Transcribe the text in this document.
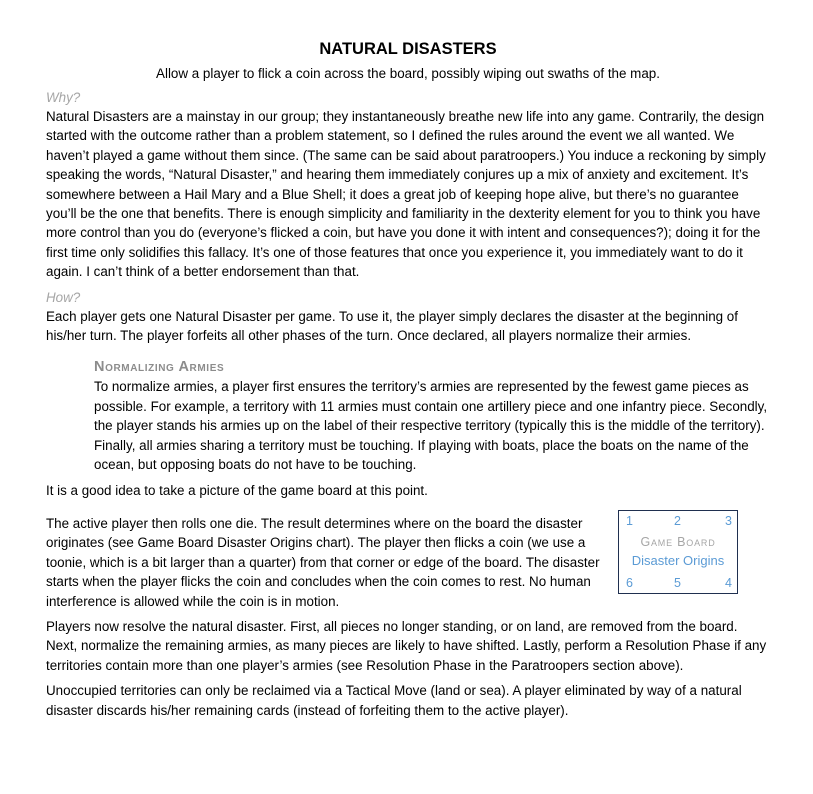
NATURAL DISASTERS
Allow a player to flick a coin across the board, possibly wiping out swaths of the map.
Why?

Natural Disasters are a mainstay in our group; they instantaneously breathe new life into any game. Contrarily, the design started with the outcome rather than a problem statement, so I defined the rules around the event we all wanted. We haven’t played a game without them since. (The same can be said about paratroopers.) You induce a reckoning by simply speaking the words, “Natural Disaster,” and hearing them immediately conjures up a mix of anxiety and excitement. It’s somewhere between a Hail Mary and a Blue Shell; it does a great job of keeping hope alive, but there’s no guarantee you’ll be the one that benefits. There is enough simplicity and familiarity in the dexterity element for you to think you have more control than you do (everyone’s flicked a coin, but have you done it with intent and consequences?); doing it for the first time only solidifies this fallacy. It’s one of those features that once you experience it, you immediately want to do it again. I can’t think of a better endorsement than that.

How?

Each player gets one Natural Disaster per game. To use it, the player simply declares the disaster at the beginning of his/her turn. The player forfeits all other phases of the turn. Once declared, all players normalize their armies.

Normalizing Armies

To normalize armies, a player first ensures the territory’s armies are represented by the fewest game pieces as possible. For example, a territory with 11 armies must contain one artillery piece and one infantry piece. Secondly, the player stands his armies up on the label of their respective territory (typically this is the middle of the territory). Finally, all armies sharing a territory must be touching. If playing with boats, place the boats on the name of the ocean, but opposing boats do not have to be touching.

It is a good idea to take a picture of the game board at this point.

The active player then rolls one die. The result determines where on the board the disaster originates (see Game Board Disaster Origins chart). The player then flicks a coin (we use a toonie, which is a bit larger than a quarter) from that corner or edge of the board. The disaster starts when the player flicks the coin and concludes when the coin comes to rest. No human interference is allowed while the coin is in motion.

1	2	3
Game Board
Disaster Origins
6	5	4

Players now resolve the natural disaster. First, all pieces no longer standing, or on land, are removed from the board. Next, normalize the remaining armies, as many pieces are likely to have shifted. Lastly, perform a Resolution Phase if any territories contain more than one player’s armies (see Resolution Phase in the Paratroopers section above).

Unoccupied territories can only be reclaimed via a Tactical Move (land or sea). A player eliminated by way of a natural disaster discards his/her remaining cards (instead of forfeiting them to the active player).
